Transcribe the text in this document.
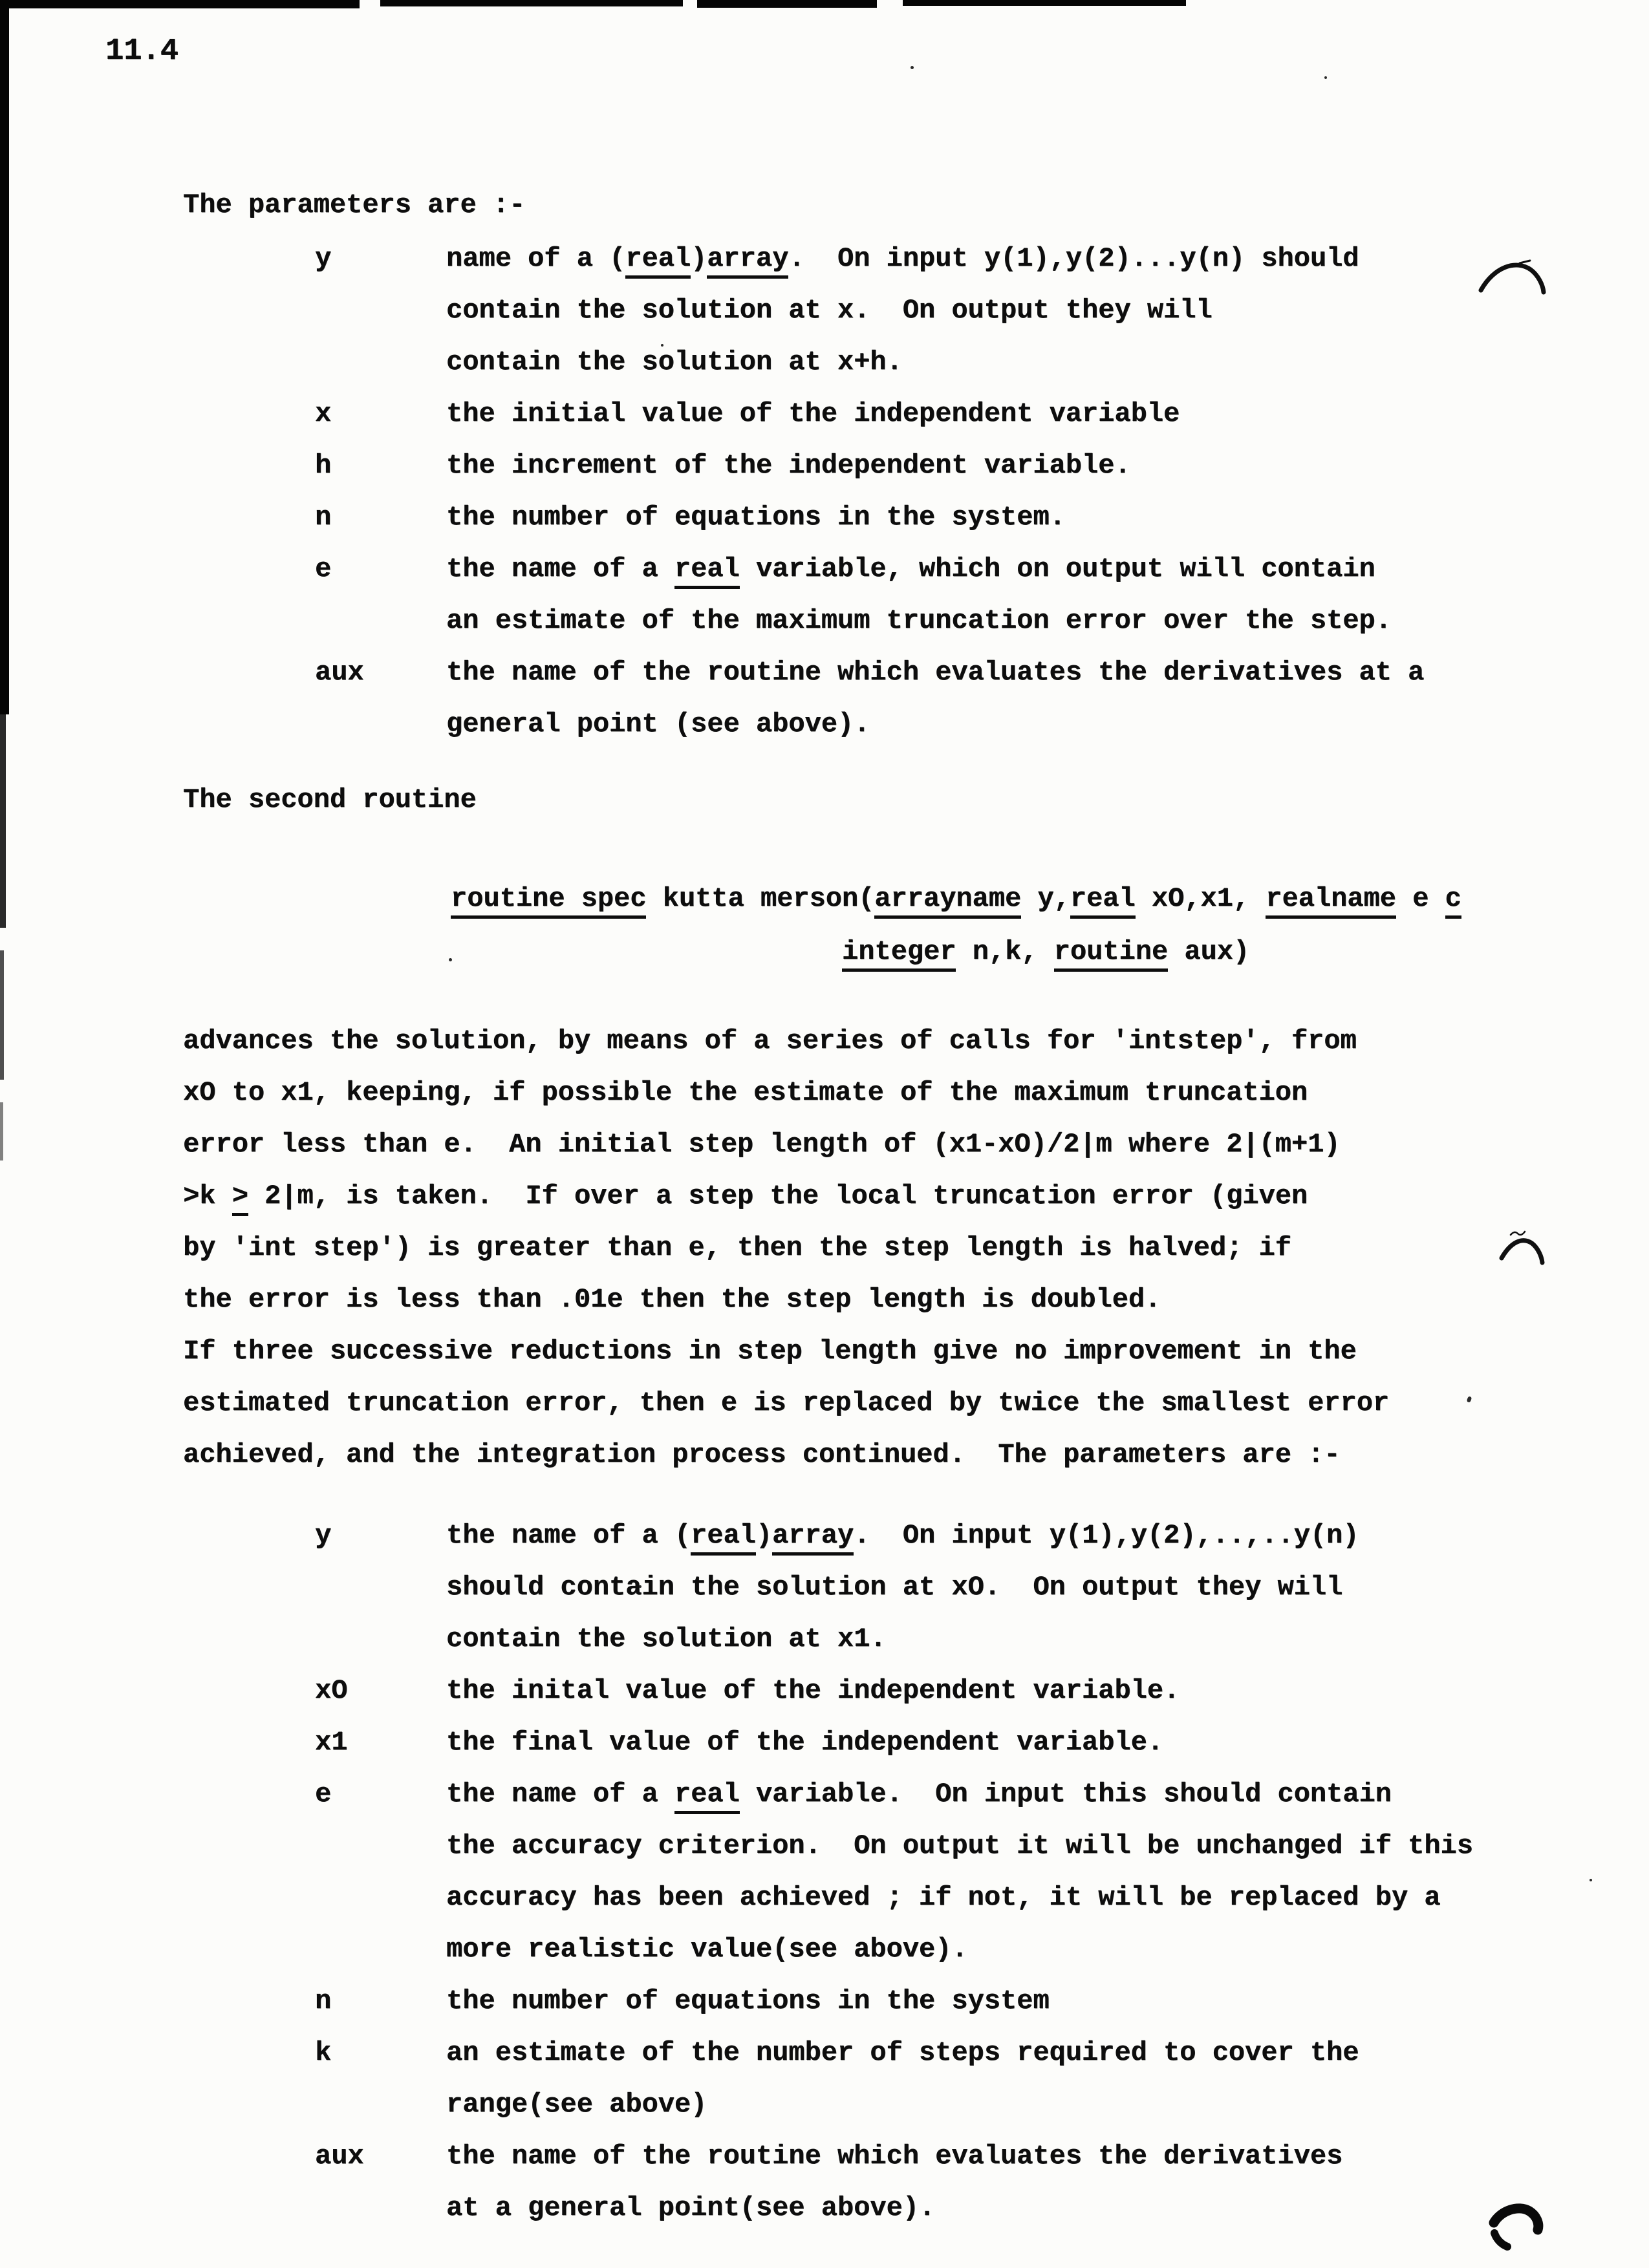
11.4
The parameters are :-
y	name of a (real)array.  On input y(1),y(2)...y(n) should
contain the solution at x.  On output they will
contain the solution at x+h.
x	the initial value of the independent variable
h	the increment of the independent variable.
n	the number of equations in the system.
e	the name of a real variable, which on output will contain
an estimate of the maximum truncation error over the step.
aux	the name of the routine which evaluates the derivatives at a
general point (see above).
The second routine
routine spec kutta merson(arrayname y,real xO,x1, realname e c
integer n,k, routine aux)
advances the solution, by means of a series of calls for 'intstep', from
xO to x1, keeping, if possible the estimate of the maximum truncation
error less than e.  An initial step length of (x1-xO)/2|m where 2|(m+1)
>k > 2|m, is taken.  If over a step the local truncation error (given
by 'int step') is greater than e, then the step length is halved; if
the error is less than .01e then the step length is doubled.
If three successive reductions in step length give no improvement in the
estimated truncation error, then e is replaced by twice the smallest error
achieved, and the integration process continued.  The parameters are :-
y	the name of a (real)array.  On input y(1),y(2),..,..y(n)
should contain the solution at xO.  On output they will
contain the solution at x1.
xO	the inital value of the independent variable.
x1	the final value of the independent variable.
e	the name of a real variable.  On input this should contain
the accuracy criterion.  On output it will be unchanged if this
accuracy has been achieved ; if not, it will be replaced by a
more realistic value(see above).
n	the number of equations in the system
k	an estimate of the number of steps required to cover the
range(see above)
aux	the name of the routine which evaluates the derivatives
at a general point(see above).
